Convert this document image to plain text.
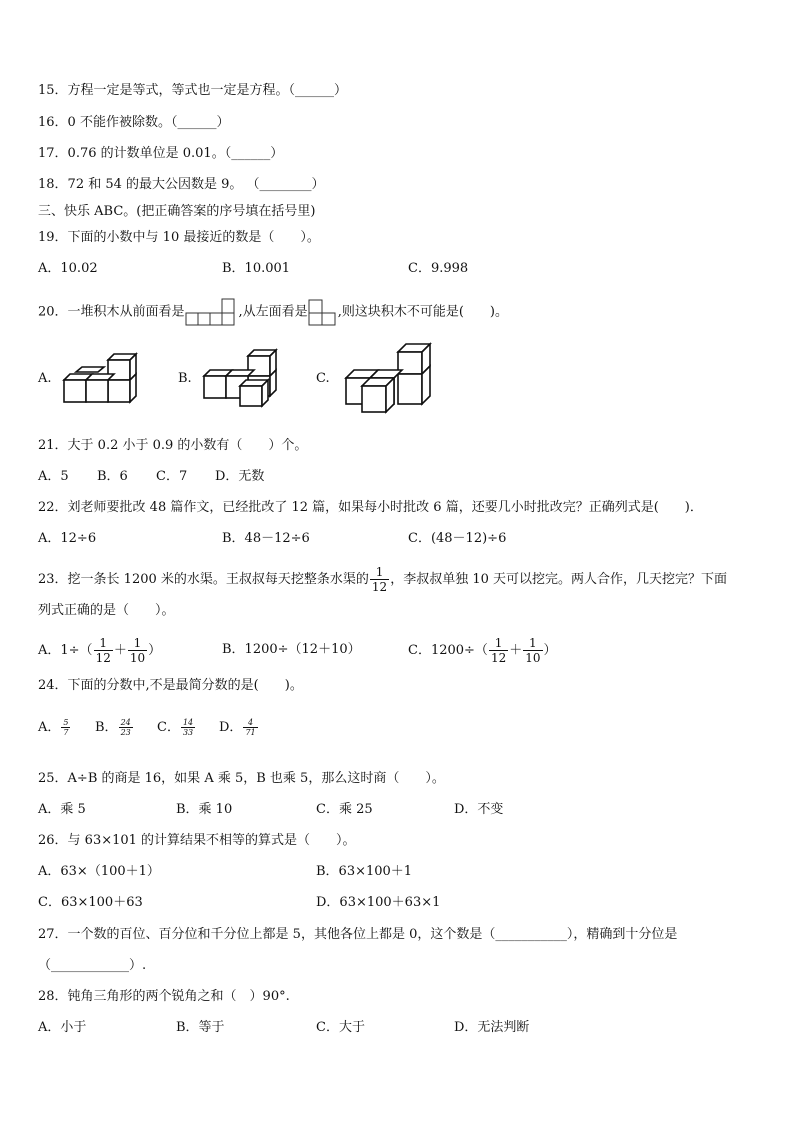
15．方程一定是等式，等式也一定是方程。（______）
16．0 不能作被除数。（______）
17．0.76 的计数单位是 0.01。（______）
18．72 和 54 的最大公因数是 9。 （________）
三、快乐 ABC。(把正确答案的序号填在括号里)
19．下面的小数中与 10 最接近的数是（　　）。
A．10.02	B．10.001	C．9.998
20．一堆积木从前面看是	,从左面看是 ,则这块积木不可能是(　　)。
A.	B.	C.
21．大于 0.2 小于 0.9 的小数有（　　）个。
A．5 B．6 C．7 D．无数
22．刘老师要批改 48 篇作文，已经批改了 12 篇，如果每小时批改 6 篇，还要几小时批改完？正确列式是(　　)．
A．12÷6	B．48－12÷6	C．(48－12)÷6
23．挖一条长 1200 米的水渠。王叔叔每天挖整条水渠的 $\frac{1}{12}$ ，李叔叔单独 10 天可以挖完。两人合作，几天挖完？下面
列式正确的是（　　）。
A．$1\div( \frac{1}{12} + \frac{1}{10}$ ）	B．1200÷（12＋10）	C．$1200\div( \frac{1}{12} + \frac{1}{10}$ ）
24．下面的分数中,不是最简分数的是(　　)。
A． $\frac{5}{7}$ B． $\frac{24}{23}$ C． $\frac{14}{33}$ D． $\frac{4}{71}$
25．A÷B 的商是 16，如果 A 乘 5，B 也乘 5，那么这时商（　　）。
A．乘 5	B．乘 10	C．乘 25	D．不变
26．与 63×101 的计算结果不相等的算式是（　　）。
A．63×（100＋1）	B．63×100＋1
C．63×100＋63	D．63×100＋63×1
27．一个数的百位、百分位和千分位上都是 5，其他各位上都是 0，这个数是（___________），精确到十分位是
（____________）.
28．钝角三角形的两个锐角之和（　）90°.
A．小于	B．等于	C．大于	D．无法判断
